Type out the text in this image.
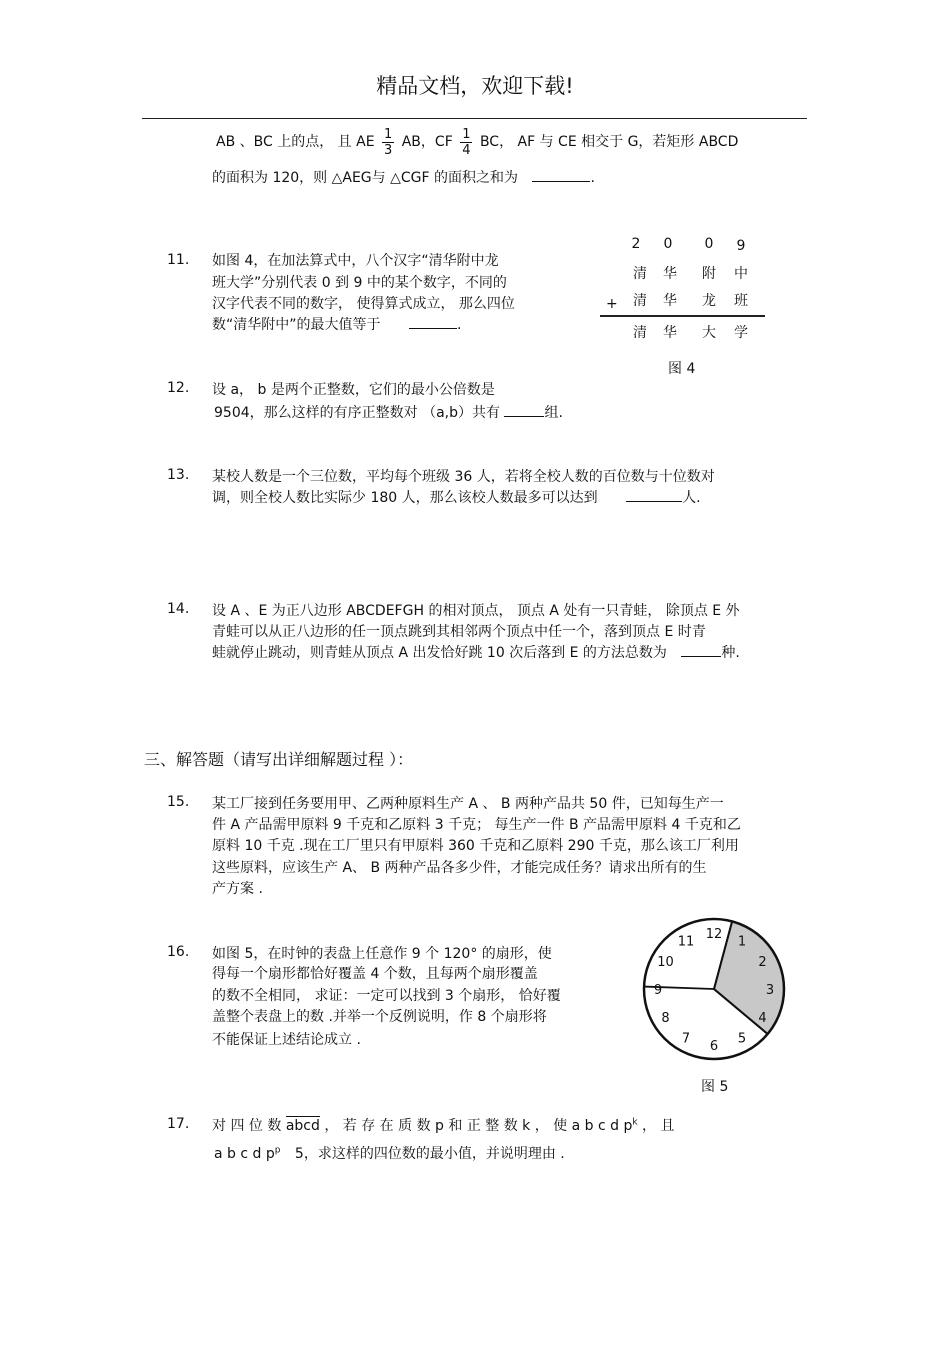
精品文档，欢迎下载!
AB 、BC 上的点， 且 AE $\frac{1}{3}$ AB，CF $\frac{1}{4}$ BC， AF 与 CE 相交于 G，若矩形 ABCD
的面积为 120，则 △AEG与 △CGF 的面积之和为	.
11. 如图 4，在加法算式中，八个汉字“清华附中龙
班大学”分别代表 0 到 9 中的某个数字，不同的
汉字代表不同的数字， 使得算式成立， 那么四位
数“清华附中”的最大值等于	.
2	0	0	9
清	华	附	中
+	清	华	龙	班
清	华	大	学
图 4
12. 设 a， b 是两个正整数，它们的最小公倍数是
9504，那么这样的有序正整数对 （a,b）共有	组.
13. 某校人数是一个三位数，平均每个班级 36 人，若将全校人数的百位数与十位数对
调，则全校人数比实际少 180 人，那么该校人数最多可以达到	人.
14. 设 A 、E 为正八边形 ABCDEFGH 的相对顶点， 顶点 A 处有一只青蛙， 除顶点 E 外
青蛙可以从正八边形的任一顶点跳到其相邻两个顶点中任一个，落到顶点 E 时青
蛙就停止跳动，则青蛙从顶点 A 出发恰好跳 10 次后落到 E 的方法总数为	种.
三、解答题（请写出详细解题过程 ）：
15. 某工厂接到任务要用甲、乙两种原料生产 A 、 B 两种产品共 50 件，已知每生产一
件 A 产品需甲原料 9 千克和乙原料 3 千克； 每生产一件 B 产品需甲原料 4 千克和乙
原料 10 千克 .现在工厂里只有甲原料 360 千克和乙原料 290 千克，那么该工厂利用
这些原料，应该生产 A、 B 两种产品各多少件，才能完成任务？请求出所有的生
产方案 .
16. 如图 5，在时钟的表盘上任意作 9 个 120° 的扇形，使
得每一个扇形都恰好覆盖 4 个数，且每两个扇形覆盖
的数不全相同， 求证：一定可以找到 3 个扇形， 恰好覆
盖整个表盘上的数 .并举一个反例说明，作 8 个扇形将
不能保证上述结论成立 .
12
1
2
3
4
5
6
7
8
9
10
11
图 5
17. 对 四 位 数 abcd ， 若 存 在 质 数 p 和 正 整 数 k ， 使 a b c d $p^k$ ， 且
a b c d $p^p$ 5，求这样的四位数的最小值，并说明理由 .
